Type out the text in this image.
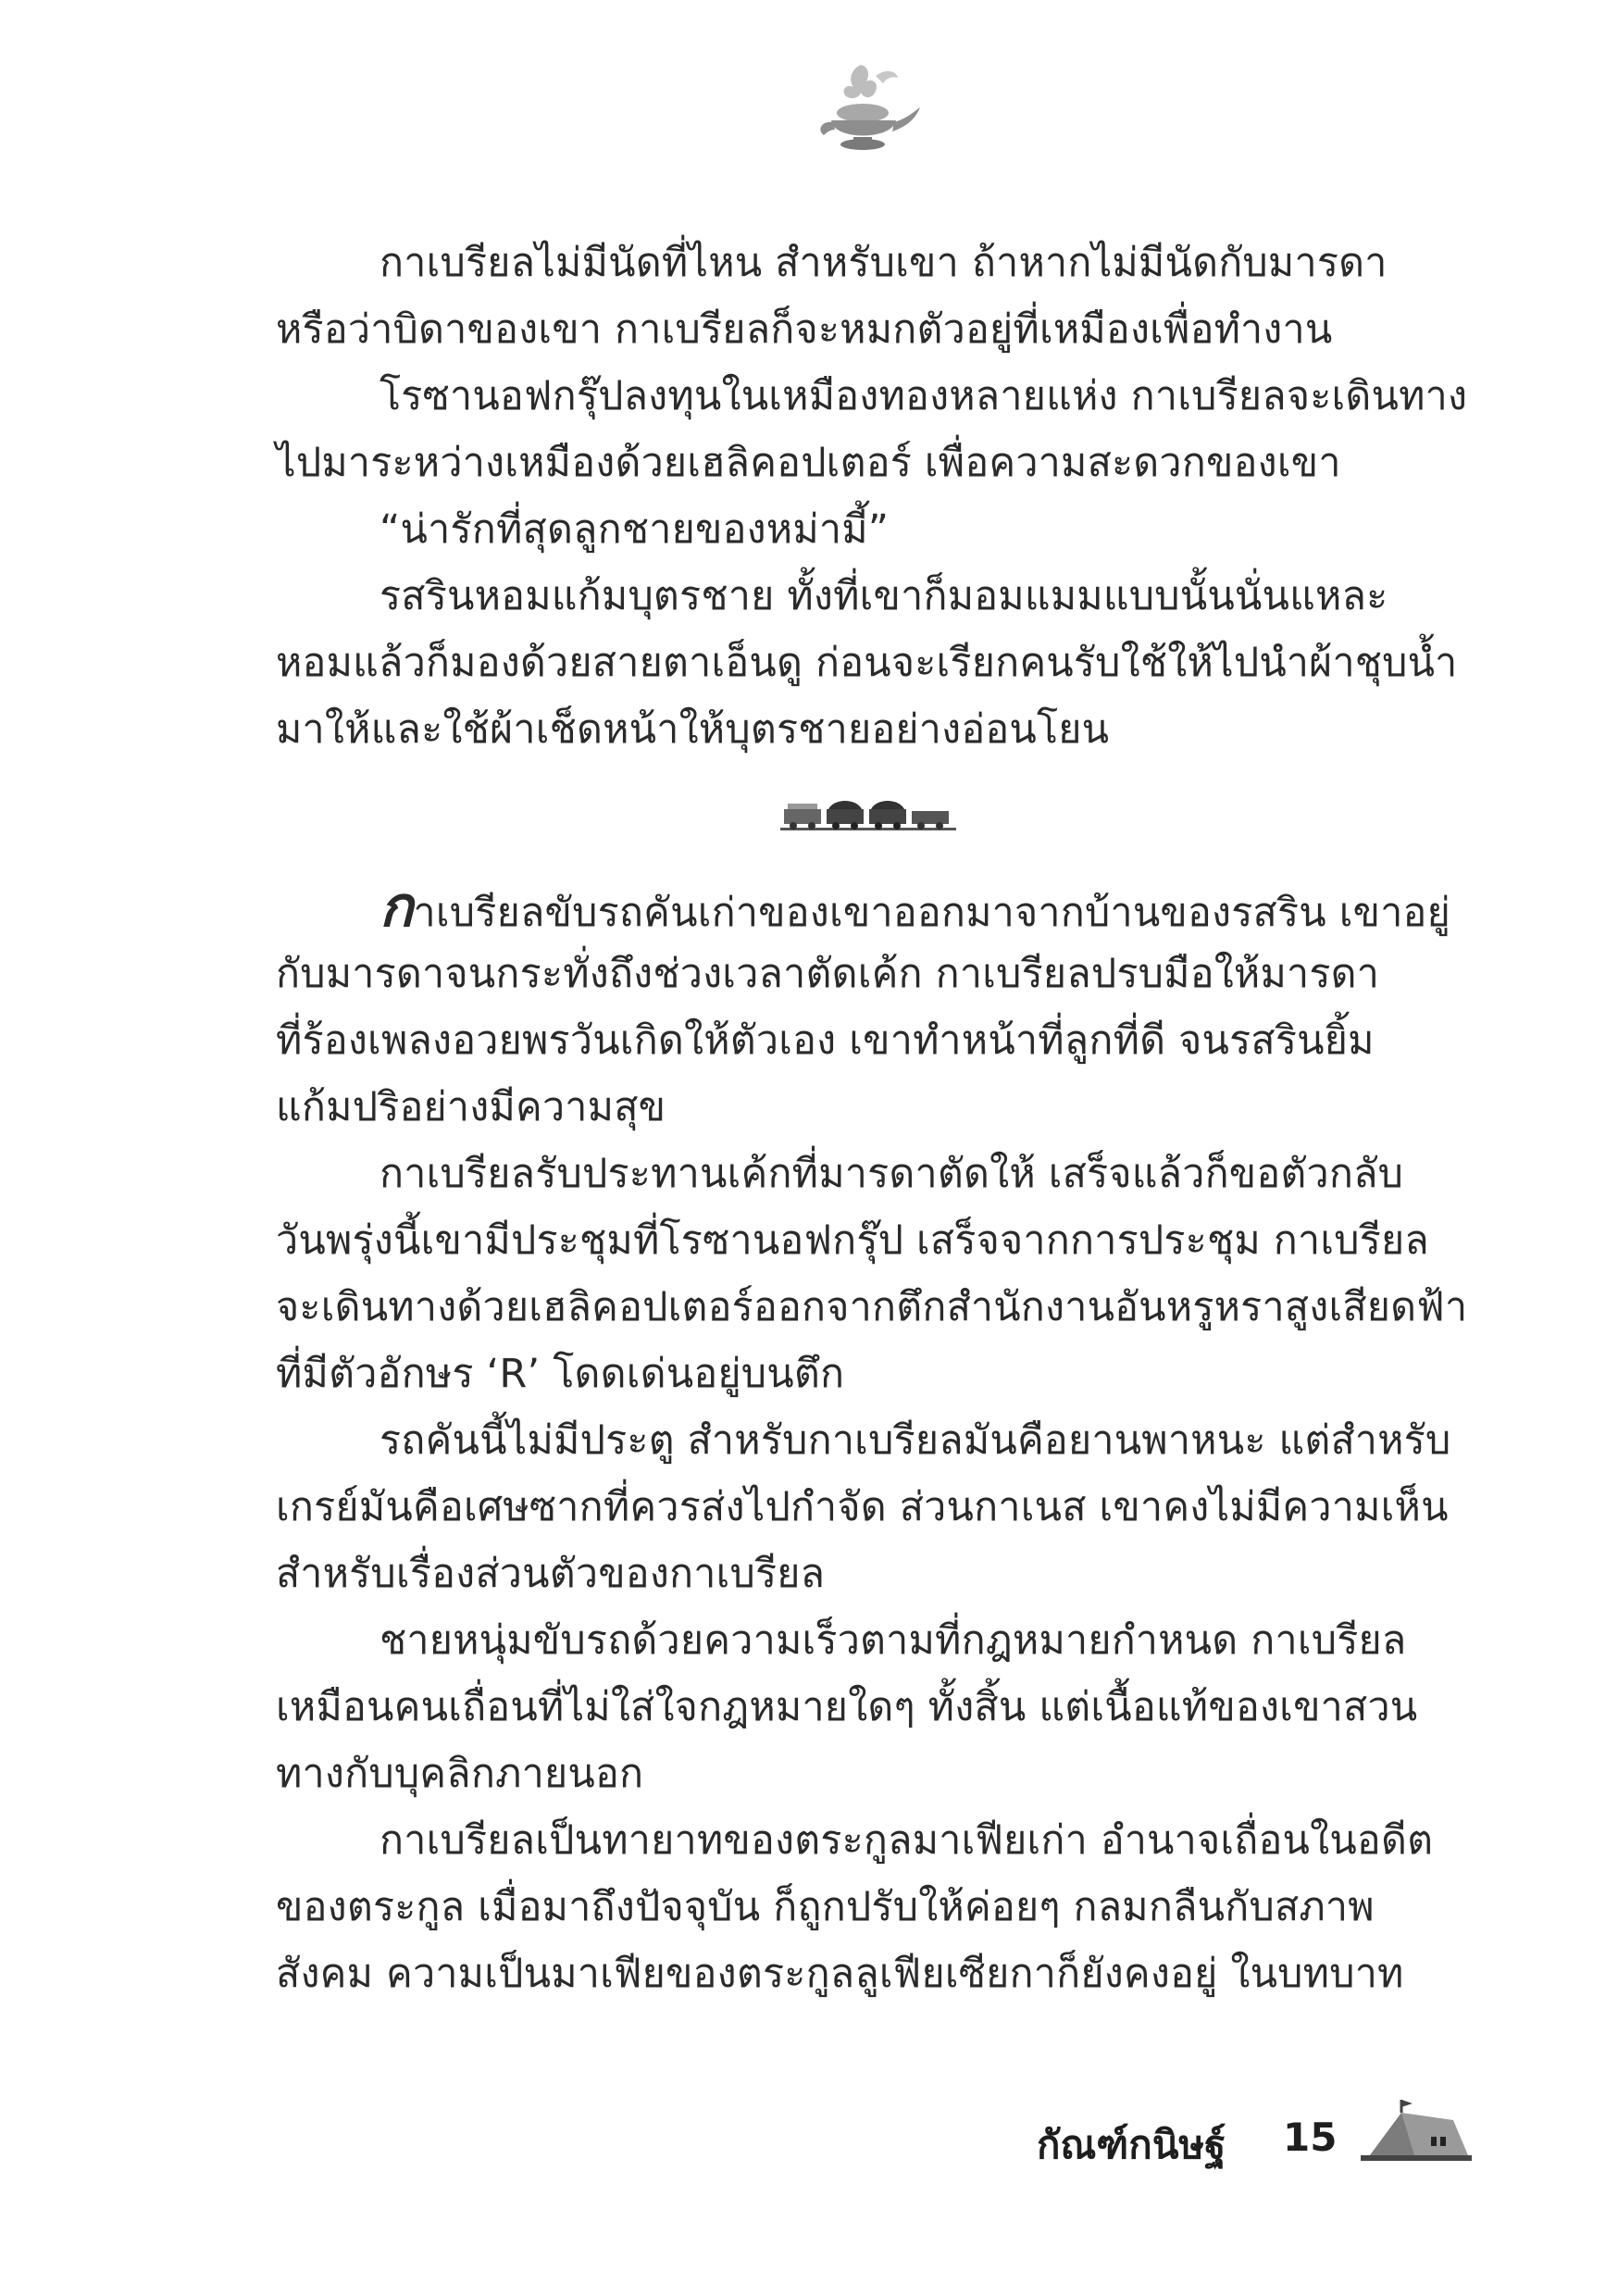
กาเบรียลไม่มีนัดที่ไหน สำหรับเขา ถ้าหากไม่มีนัดกับมารดา
หรือว่าบิดาของเขา กาเบรียลก็จะหมกตัวอยู่ที่เหมืองเพื่อทำงาน
โรซานอฟกรุ๊ปลงทุนในเหมืองทองหลายแห่ง กาเบรียลจะเดินทาง
ไปมาระหว่างเหมืองด้วยเฮลิคอปเตอร์ เพื่อความสะดวกของเขา
“น่ารักที่สุดลูกชายของหม่ามี้”
รสรินหอมแก้มบุตรชาย ทั้งที่เขาก็มอมแมมแบบนั้นนั่นแหละ
หอมแล้วก็มองด้วยสายตาเอ็นดู ก่อนจะเรียกคนรับใช้ให้ไปนำผ้าชุบน้ำ
มาให้และใช้ผ้าเช็ดหน้าให้บุตรชายอย่างอ่อนโยน
กาเบรียลขับรถคันเก่าของเขาออกมาจากบ้านของรสริน เขาอยู่
กับมารดาจนกระทั่งถึงช่วงเวลาตัดเค้ก กาเบรียลปรบมือให้มารดา
ที่ร้องเพลงอวยพรวันเกิดให้ตัวเอง เขาทำหน้าที่ลูกที่ดี จนรสรินยิ้ม
แก้มปริอย่างมีความสุข
กาเบรียลรับประทานเค้กที่มารดาตัดให้ เสร็จแล้วก็ขอตัวกลับ
วันพรุ่งนี้เขามีประชุมที่โรซานอฟกรุ๊ป เสร็จจากการประชุม กาเบรียล
จะเดินทางด้วยเฮลิคอปเตอร์ออกจากตึกสำนักงานอันหรูหราสูงเสียดฟ้า
ที่มีตัวอักษร ‘R’ โดดเด่นอยู่บนตึก
รถคันนี้ไม่มีประตู สำหรับกาเบรียลมันคือยานพาหนะ แต่สำหรับ
เกรย์มันคือเศษซากที่ควรส่งไปกำจัด ส่วนกาเนส เขาคงไม่มีความเห็น
สำหรับเรื่องส่วนตัวของกาเบรียล
ชายหนุ่มขับรถด้วยความเร็วตามที่กฎหมายกำหนด กาเบรียล
เหมือนคนเถื่อนที่ไม่ใส่ใจกฎหมายใดๆ ทั้งสิ้น แต่เนื้อแท้ของเขาสวน
ทางกับบุคลิกภายนอก
กาเบรียลเป็นทายาทของตระกูลมาเฟียเก่า อำนาจเถื่อนในอดีต
ของตระกูล เมื่อมาถึงปัจจุบัน ก็ถูกปรับให้ค่อยๆ กลมกลืนกับสภาพ
สังคม ความเป็นมาเฟียของตระกูลลูเฟียเซียกาก็ยังคงอยู่ ในบทบาท
กัณฑ์กนิษฐ์ 15
